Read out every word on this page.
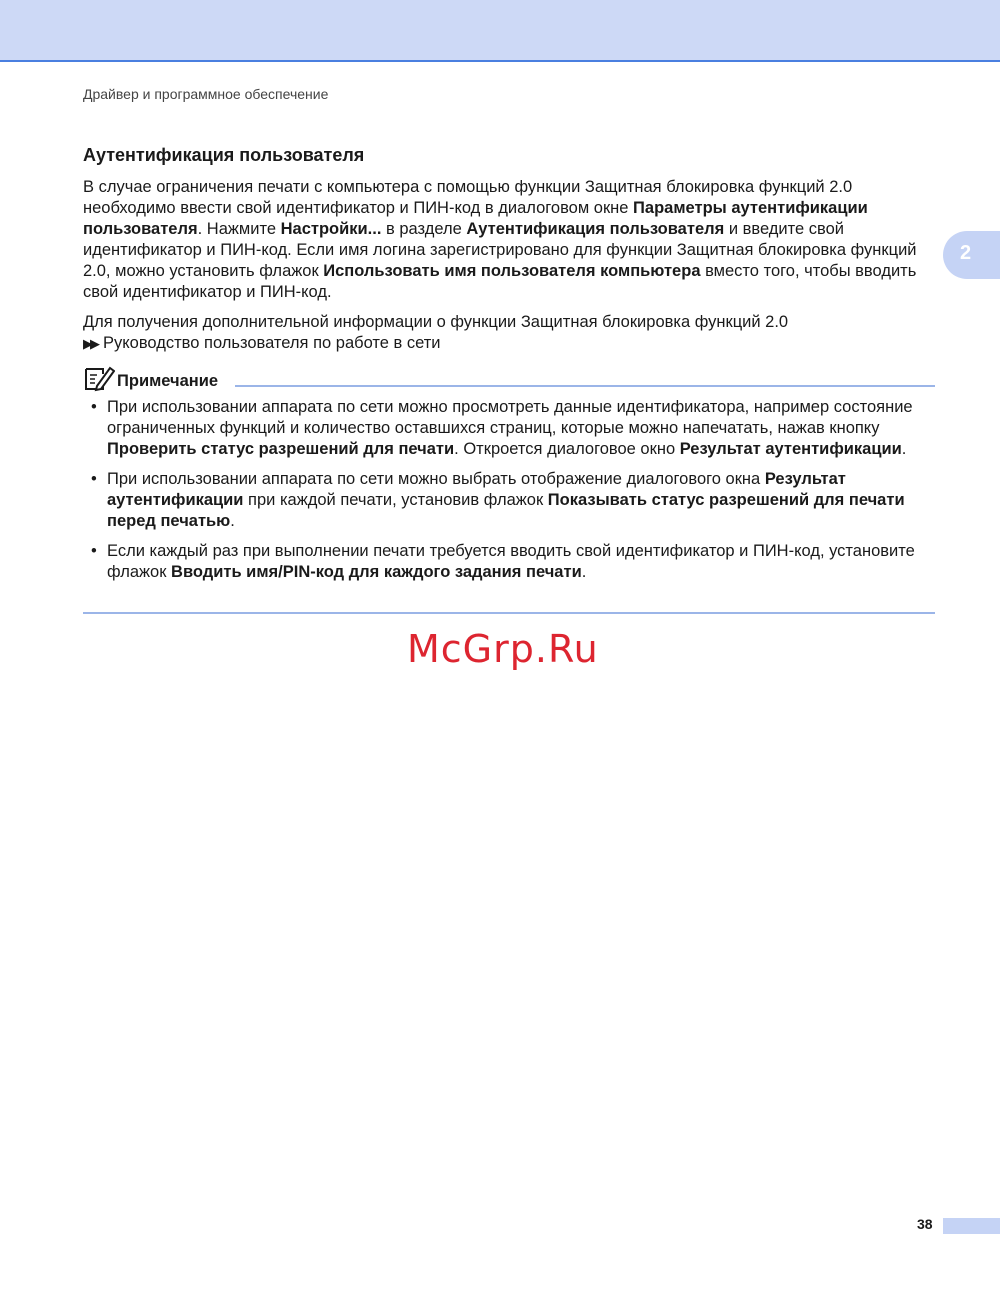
Драйвер и программное обеспечение
2
Аутентификация пользователя

В случае ограничения печати с компьютера с помощью функции Защитная блокировка функций 2.0 необходимо ввести свой идентификатор и ПИН-код в диалоговом окне Параметры аутентификации пользователя. Нажмите Настройки... в разделе Аутентификация пользователя и введите свой идентификатор и ПИН-код. Если имя логина зарегистрировано для функции Защитная блокировка функций 2.0, можно установить флажок Использовать имя пользователя компьютера вместо того, чтобы вводить свой идентификатор и ПИН-код.

Для получения дополнительной информации о функции Защитная блокировка функций 2.0
▶▶ Руководство пользователя по работе в сети

Примечание
• При использовании аппарата по сети можно просмотреть данные идентификатора, например состояние ограниченных функций и количество оставшихся страниц, которые можно напечатать, нажав кнопку Проверить статус разрешений для печати. Откроется диалоговое окно Результат аутентификации.
• При использовании аппарата по сети можно выбрать отображение диалогового окна Результат аутентификации при каждой печати, установив флажок Показывать статус разрешений для печати перед печатью.
• Если каждый раз при выполнении печати требуется вводить свой идентификатор и ПИН-код, установите флажок Вводить имя/PIN-код для каждого задания печати.
McGrp.Ru
38
